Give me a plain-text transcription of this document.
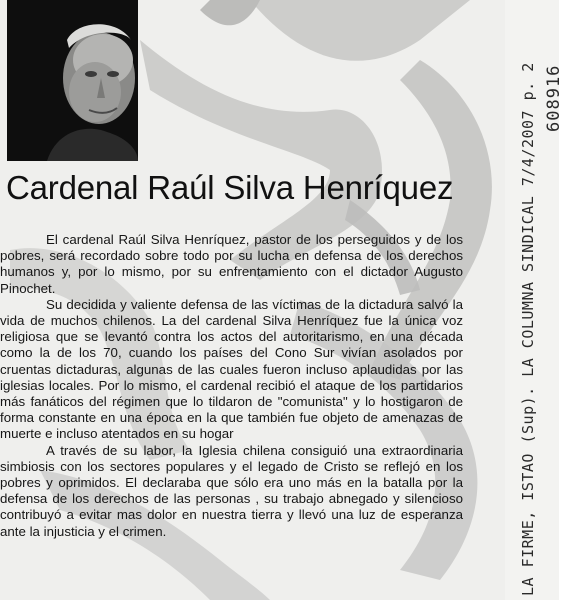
Cardenal Raúl Silva Henríquez

El cardenal Raúl Silva Henríquez, pastor de los perseguidos y de los pobres, será recordado sobre todo por su lucha en defensa de los derechos humanos y, por lo mismo, por su enfrentamiento con el dictador Augusto Pinochet.

Su decidida y valiente defensa de las víctimas de la dictadura salvó la vida de muchos chilenos. La del cardenal Silva Henríquez fue la única voz religiosa que se levantó contra los actos del autoritarismo, en una década como la de los 70, cuando los países del Cono Sur vivían asolados por cruentas dictaduras, algunas de las cuales fueron incluso aplaudidas por las iglesias locales. Por lo mismo, el cardenal recibió el ataque de los partidarios más fanáticos del régimen que lo tildaron de "comunista" y lo hostigaron de forma constante en una época en la que también fue objeto de amenazas de muerte e incluso atentados en su hogar

A través de su labor, la Iglesia chilena consiguió una extraordinaria simbiosis con los sectores populares y el legado de Cristo se reflejó en los pobres y oprimidos. El declaraba que sólo era uno más en la batalla por la defensa de los derechos de las personas , su trabajo abnegado y silencioso contribuyó a evitar mas dolor en nuestra tierra y llevó una luz de esperanza ante la injusticia y el crimen.	LA FIRME, ISTAO (Sup). LA COLUMNA SINDICAL 7/4/2007 p. 2 608916
